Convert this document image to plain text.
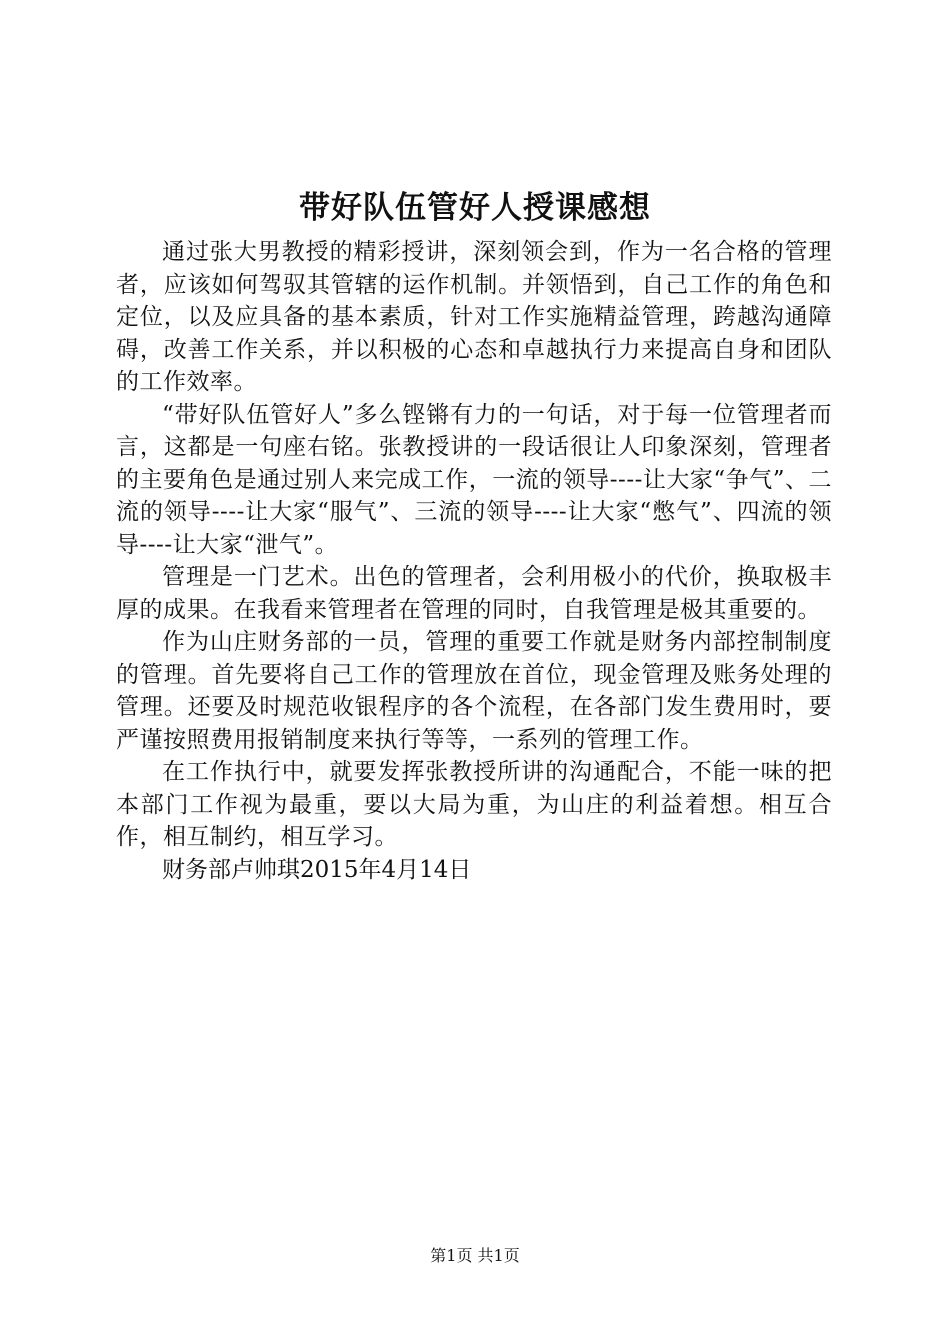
带好队伍管好人授课感想

通过张大男教授的精彩授讲，深刻领会到，作为一名合格的管理者，应该如何驾驭其管辖的运作机制。并领悟到，自己工作的角色和定位，以及应具备的基本素质，针对工作实施精益管理，跨越沟通障碍，改善工作关系，并以积极的心态和卓越执行力来提高自身和团队的工作效率。

“带好队伍管好人”多么铿锵有力的一句话，对于每一位管理者而言，这都是一句座右铭。张教授讲的一段话很让人印象深刻，管理者的主要角色是通过别人来完成工作，一流的领导----让大家“争气”、二流的领导----让大家“服气”、三流的领导----让大家“憋气”、四流的领导----让大家“泄气”。

管理是一门艺术。出色的管理者，会利用极小的代价，换取极丰厚的成果。在我看来管理者在管理的同时，自我管理是极其重要的。

作为山庄财务部的一员，管理的重要工作就是财务内部控制制度的管理。首先要将自己工作的管理放在首位，现金管理及账务处理的管理。还要及时规范收银程序的各个流程，在各部门发生费用时，要严谨按照费用报销制度来执行等等，一系列的管理工作。

在工作执行中，就要发挥张教授所讲的沟通配合，不能一味的把本部门工作视为最重，要以大局为重，为山庄的利益着想。相互合作，相互制约，相互学习。

财务部卢帅琪2015年4月14日

第1页 共1页
